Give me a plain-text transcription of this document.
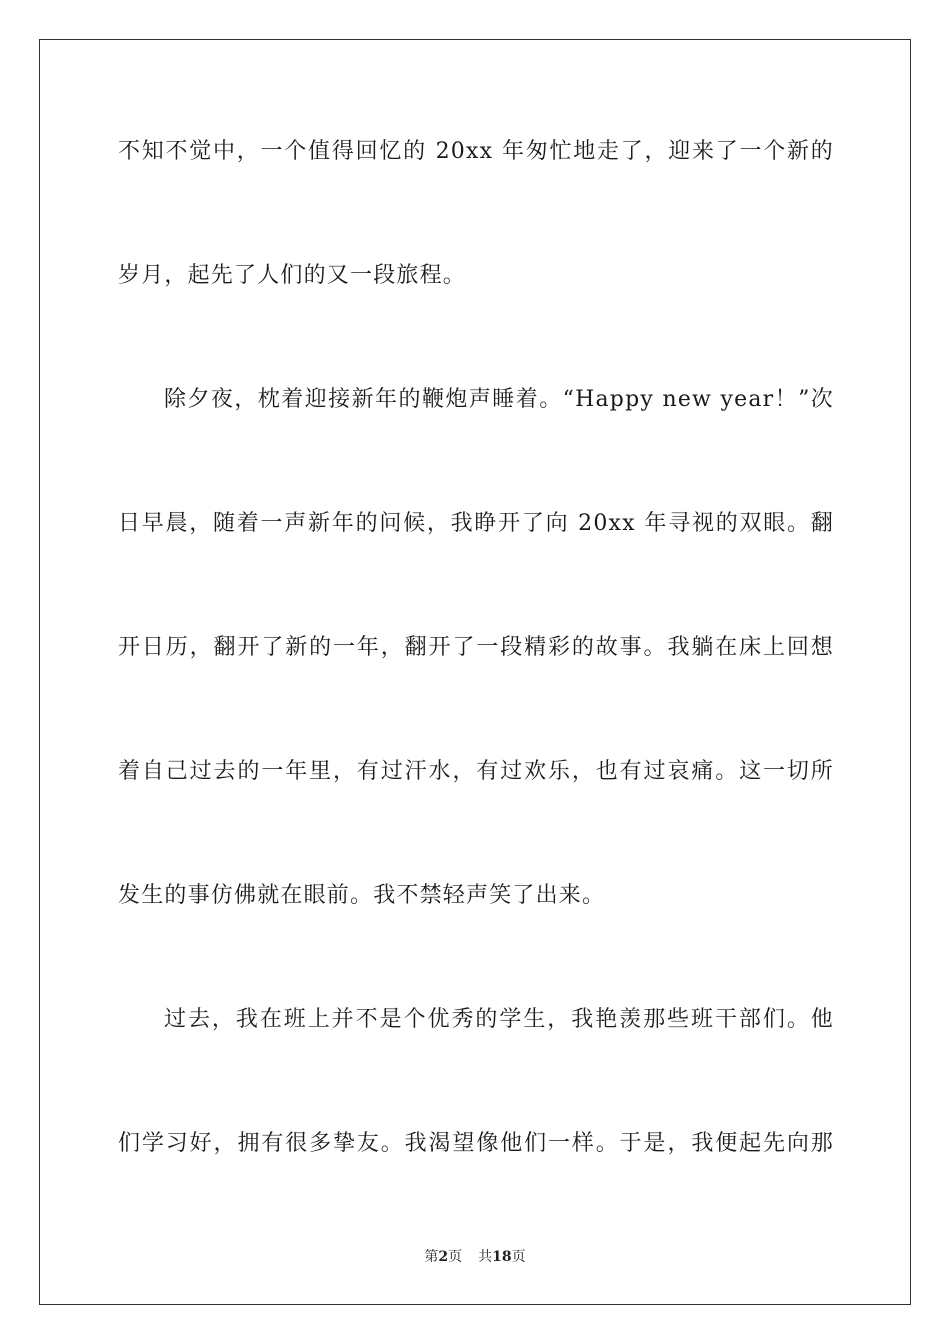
不知不觉中，一个值得回忆的 20xx 年匆忙地走了，迎来了一个新的
岁月，起先了人们的又一段旅程。
除夕夜，枕着迎接新年的鞭炮声睡着。“Happy new year！”次
日早晨，随着一声新年的问候，我睁开了向 20xx 年寻视的双眼。翻
开日历，翻开了新的一年，翻开了一段精彩的故事。我躺在床上回想
着自己过去的一年里，有过汗水，有过欢乐，也有过哀痛。这一切所
发生的事仿佛就在眼前。我不禁轻声笑了出来。
过去，我在班上并不是个优秀的学生，我艳羡那些班干部们。他
们学习好，拥有很多挚友。我渴望像他们一样。于是，我便起先向那
第2页 共18页
